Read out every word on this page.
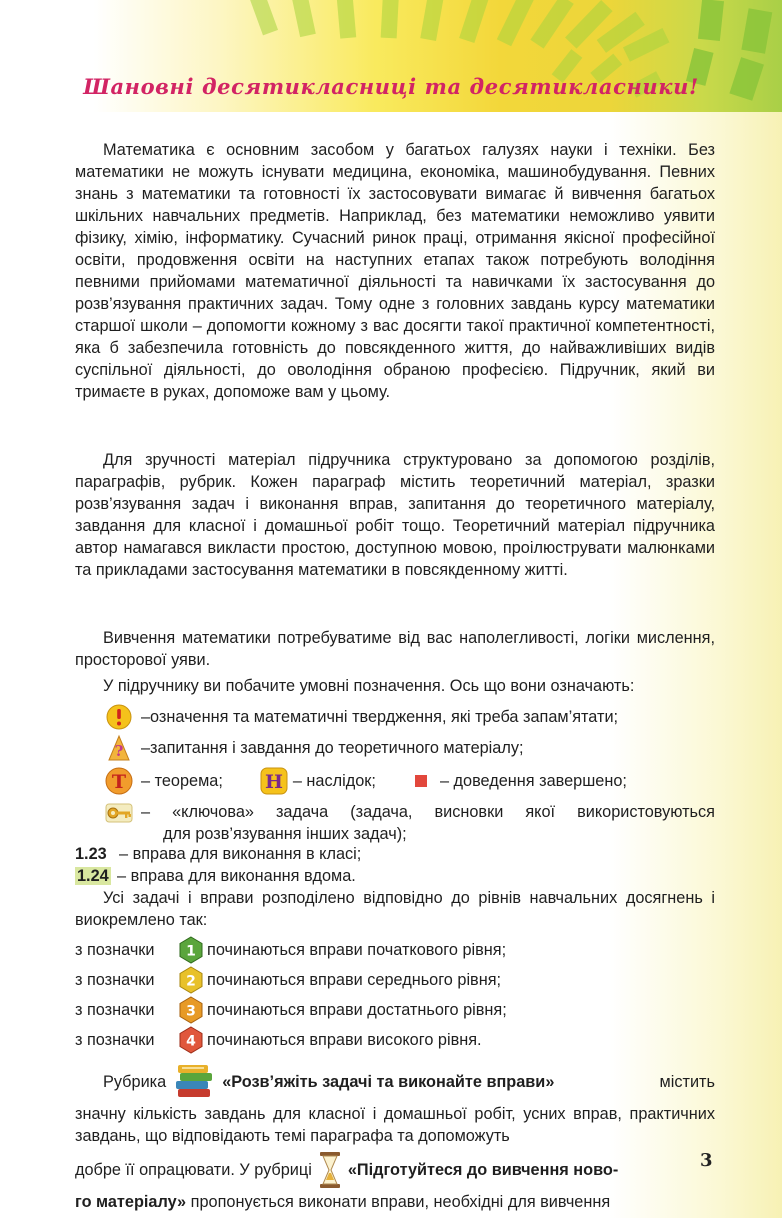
Шановні десятикласниці та десятикласники!

Математика є основним засобом у багатьох галузях науки і техніки. Без математики не можуть існувати медицина, економіка, машинобудування. Певних знань з математики та готовності їх застосовувати вимагає й вивчення багатьох шкільних навчальних предметів. Наприклад, без математики неможливо уявити фізику, хімію, інформатику. Сучасний ринок праці, отримання якісної професійної освіти, продовження освіти на наступних етапах також потребують володіння певними прийомами математичної діяльності та навичками їх застосування до розв’язування практичних задач. Тому одне з головних завдань курсу математики старшої школи – допомогти кожному з вас досягти такої практичної компетентності, яка б забезпечила готовність до повсякденного життя, до найважливіших видів суспільної діяльності, до оволодіння обраною професією. Підручник, який ви тримаєте в руках, допоможе вам у цьому.

Для зручності матеріал підручника структуровано за допомогою розділів, параграфів, рубрик. Кожен параграф містить теоретичний матеріал, зразки розв’язування задач і виконання вправ, запитання до теоретичного матеріалу, завдання для класної і домашньої робіт тощо. Теоретичний матеріал підручника автор намагався викласти простою, доступною мовою, проілюструвати малюнками та прикладами застосування математики в повсякденному житті.

Вивчення математики потребуватиме від вас наполегливості, логіки мислення, просторової уяви.

У підручнику ви побачите умовні позначення. Ось що вони означають:

–означення та математичні твердження, які треба запам’ятати;
? –запитання і завдання до теоретичного матеріалу;
T – теорема; H – наслідок;	– доведення завершено;
– «ключова» задача (задача, висновки якої використовуються
для розв’язування інших задач);
1.23 – вправа для виконання в класі;
1.24 – вправа для виконання вдома.

Усі задачі і вправи розподілено відповідно до рівнів навчальних досягнень і виокремлено так:

з позначки	1 починаються вправи початкового рівня;
з позначки	2 починаються вправи середнього рівня;
з позначки	3 починаються вправи достатнього рівня;
з позначки	4 починаються вправи високого рівня.
Рубрика	«Розв’яжіть задачі та виконайте вправи»	містить

значну кількість завдань для класної і домашньої робіт, усних вправ, практичних завдань, що відповідають темі параграфа та допоможуть

добре її опрацювати. У рубриці «Підготуйтеся до вивчення ново-
го матеріалу» пропонується виконати вправи, необхідні для вивчення
3
